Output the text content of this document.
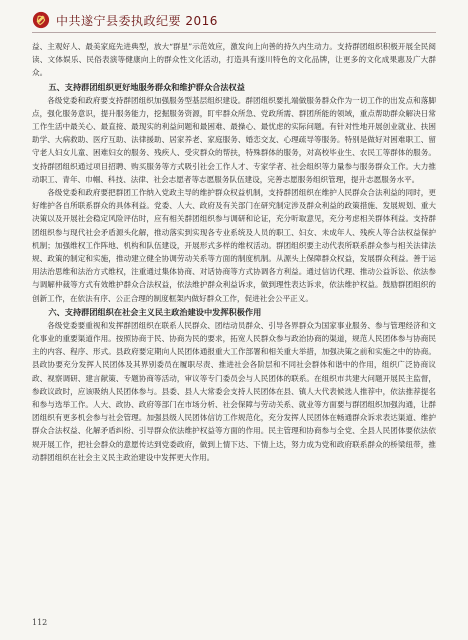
中共遂宁县委执政纪要 2016

益、主观好人、最美家庭先进典型，放大“群星”示范效应，激发向上向善的持久内生动力。支持群团组织积极开展全民阅读、文体娱乐、民俗表演等健康向上的群众性文化活动，打造具有遂川特色的文化品牌，让更多的文化成果惠及广大群众。

五、支持群团组织更好地服务群众和维护群众合法权益

各级党委和政府要支持群团组织加强服务型基层组织建设。群团组织要扎端做服务群众作为一切工作的出发点和落脚点，强化服务意识，提升服务能力，挖掘服务资源，盯牢群众所急、党政所需、群团所能的领域，重点帮助群众解决日常工作生活中最关心、最直接、最现实的利益问题和最困难、最操心、最忧虑的实际问题。有针对性地开展创业就业、扶困助学、大病救助、医疗互助、法律援助、居家养老、家庭服务、婚恋交友、心理疏导等服务。特别是做好对困难职工、留守老人妇女儿童、困难妇女的服务、残疾人、受灾群众的帮扶，特殊群体的服务，对高校毕业生、农民工等群体的服务。支持群团组织通过项目招聘、购买服务等方式吸引社会工作人才、专家学者、社会组织等力量参与服务群众工作。大力推动职工、青年、巾帼、科技、法律、社会志愿者等志愿服务队伍建设，完善志愿服务组织管理，提升志愿服务水平。

各级党委和政府要把群团工作纳入党政主导的维护群众权益机制，支持群团组织在维护人民群众合法利益的同时，更好维护各自所联系群众的具体利益。党委、人大、政府及有关部门在研究制定涉及群众利益的政策措施、发展规划、重大决策以及开展社会稳定风险评估时，应有相关群团组织参与调研和论证，充分听取意见，充分考虑相关群体利益。支持群团组织参与现代社会矛盾源头化解，推动落实到实现各专业系统及人员的职工、妇女、未成年人、残疾人等合法权益保护机制；加强维权工作阵地、机构和队伍建设，开展形式多样的维权活动。群团组织要主动代表所联系群众参与相关法律法规、政策的制定和实施，推动建立健全协调劳动关系等方面的制度机制。从源头上保障群众权益，发展群众利益。善于运用法治思维和法治方式维权，注重通过集体协商、对话协商等方式协调各方利益。通过信访代理、推动公益诉讼、依法参与调解仲裁等方式有效维护群众合法权益，依法维护群众利益诉求，做到理性表达诉求，依法维护权益。鼓励群团组织的创新工作，在依法有序、公正合理的制度框架内做好群众工作，促进社会公平正义。

六、支持群团组织在社会主义民主政治建设中发挥积极作用

各级党委要重视和发挥群团组织在联系人民群众、团结动员群众、引导各界群众为国家事业服务、参与管理经济和文化事业的重要渠道作用。按照协商于民、协商为民的要求，拓宽人民群众参与政治协商的渠道，规范人民团体参与协商民主的内容、程序、形式。县政府要定期向人民团体通报重大工作部署和相关重大举措，加强决策之前和实施之中的协商。县政协要充分发挥人民团体及其界别委员在履职尽责、推进社会各阶层和不同社会群体和谐中的作用，组织广泛协商议政、视察调研、建言献策、专题协商等活动，审议等专门委员会与人民团体的联系。在组织市共建大问题开展民主监督，参政议政时，应该吸纳人民团体参与。县委、县人大常委会支持人民团体在县、镇人大代表候选人推荐中，依法推荐提名和参与选举工作。人大、政协、政府等部门在市场分析、社会保障与劳动关系、就业等方面要与群团组织加强沟通，让群团组织有更多机会参与社会管理。加强县级人民团体信访工作规范化，充分发挥人民团体在畅通群众诉求表达渠道、维护群众合法权益、化解矛盾纠纷、引导群众依法维护权益等方面的作用。民主管理和协商参与全党、全县人民团体要依法依规开展工作，把社会群众的意愿传达到党委政府，做到上情下达、下情上达，努力成为党和政府联系群众的桥梁纽带，推动群团组织在社会主义民主政治建设中发挥更大作用。

112
